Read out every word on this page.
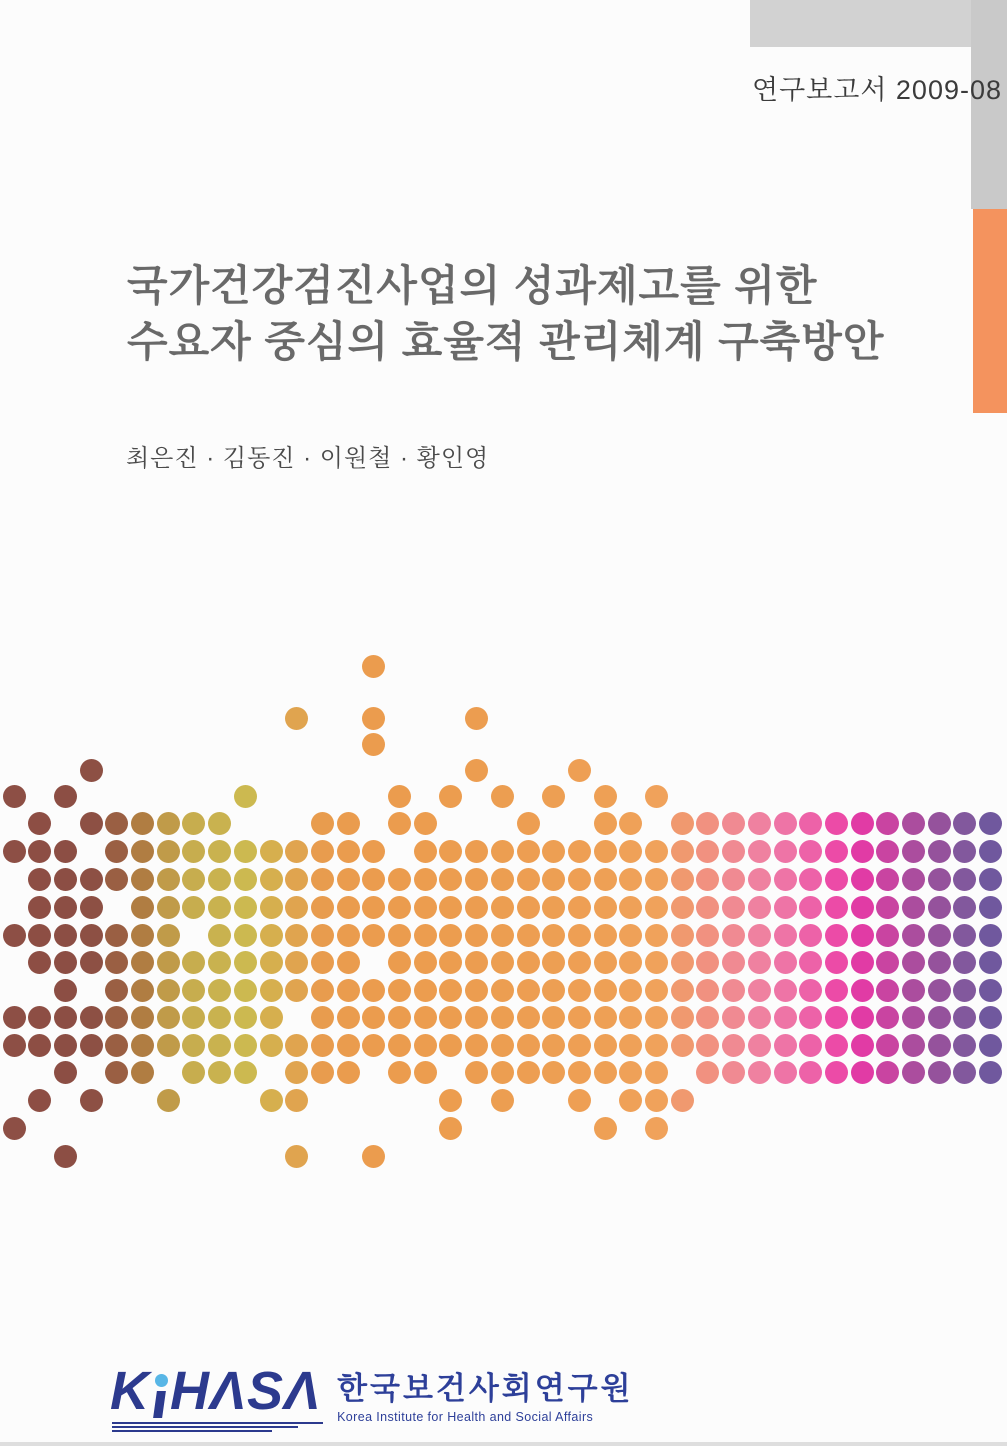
연구보고서 2009-08
국가건강검진사업의 성과제고를 위한
수요자 중심의 효율적 관리체계 구축방안
최은진 · 김동진 · 이원철 · 황인영
K HΛSΛ 한국보건사회연구원
Korea Institute for Health and Social Affairs
